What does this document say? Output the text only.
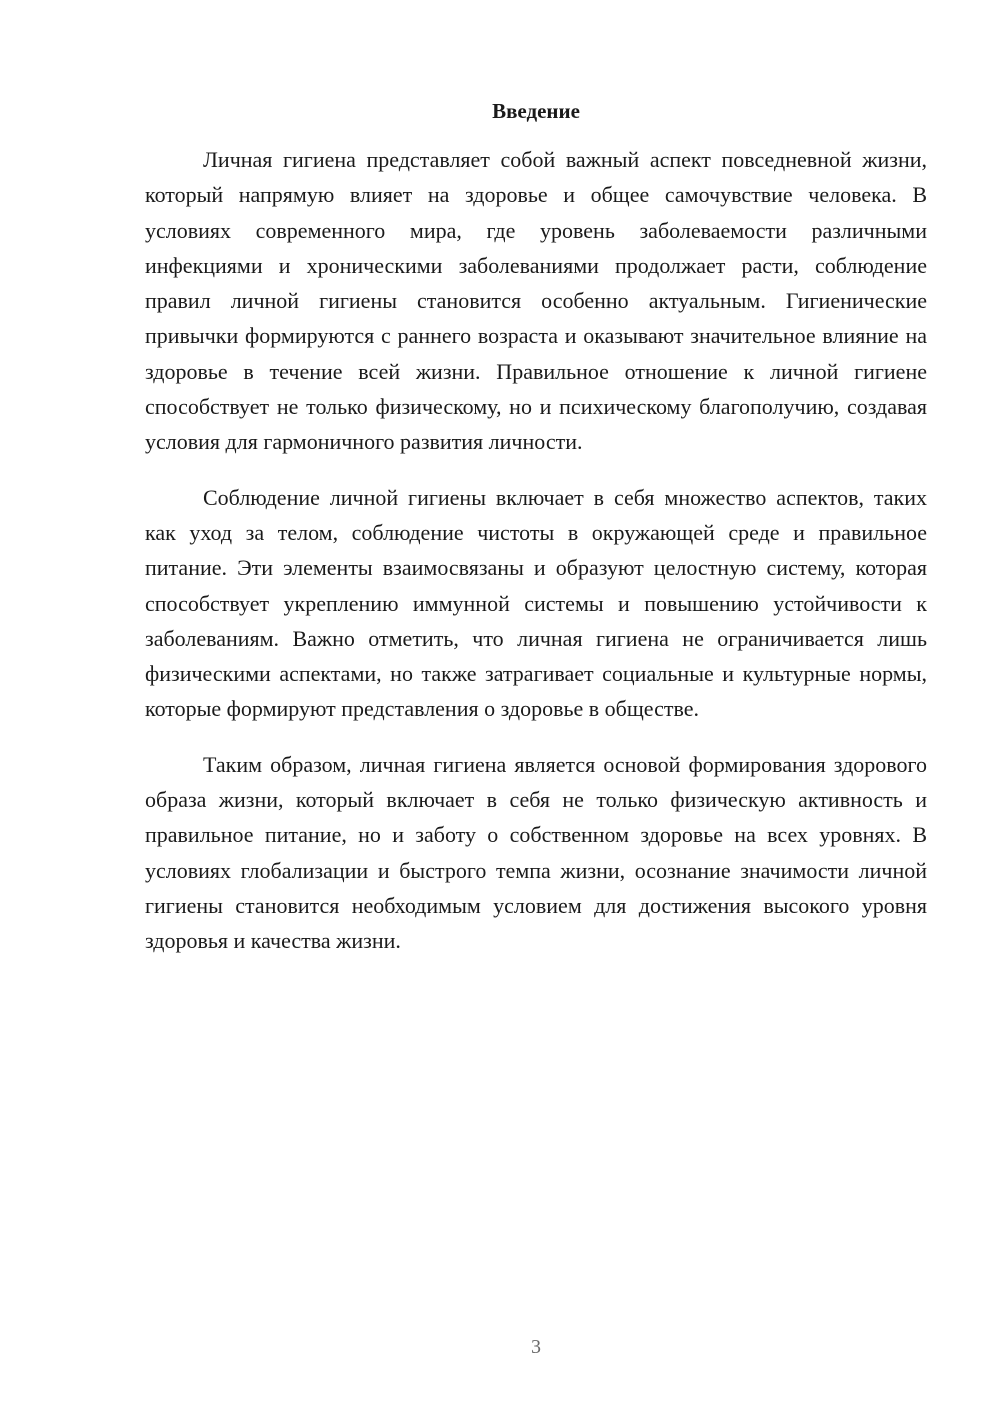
Введение

Личная гигиена представляет собой важный аспект повседневной жизни, который напрямую влияет на здоровье и общее самочувствие человека. В условиях современного мира, где уровень заболеваемости различными инфекциями и хроническими заболеваниями продолжает расти, соблюдение правил личной гигиены становится особенно актуальным. Гигиенические привычки формируются с раннего возраста и оказывают значительное влияние на здоровье в течение всей жизни. Правильное отношение к личной гигиене способствует не только физическому, но и психическому благополучию, создавая условия для гармоничного развития личности.

Соблюдение личной гигиены включает в себя множество аспектов, таких как уход за телом, соблюдение чистоты в окружающей среде и правильное питание. Эти элементы взаимосвязаны и образуют целостную систему, которая способствует укреплению иммунной системы и повышению устойчивости к заболеваниям. Важно отметить, что личная гигиена не ограничивается лишь физическими аспектами, но также затрагивает социальные и культурные нормы, которые формируют представления о здоровье в обществе.

Таким образом, личная гигиена является основой формирования здорового образа жизни, который включает в себя не только физическую активность и правильное питание, но и заботу о собственном здоровье на всех уровнях. В условиях глобализации и быстрого темпа жизни, осознание значимости личной гигиены становится необходимым условием для достижения высокого уровня здоровья и качества жизни.

3
